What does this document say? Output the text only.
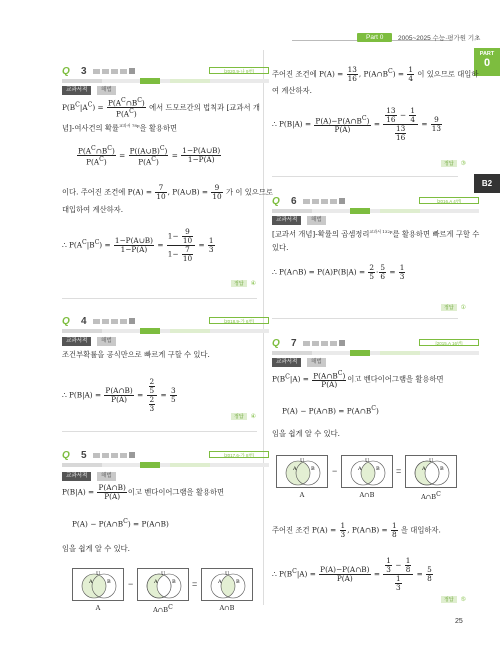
Part 0	2005~2025 수능·평가원 기초
PART
0
B2
Q 3	[2020.9-나 9번]
교과서적	해법
$P(B^C|A^C) = \frac{P(A^C\cap B^C)}{P(A^C)}$ 에서 드모르간의 법칙과 [교과서 개
념]-여사건의 확률$^{교과서 78p}$을 활용하면
$\frac{P(A^C\cap B^C)}{P(A^C)} = \frac{P((A\cup B)^C)}{P(A^C)} = \frac{1-P(A\cup B)}{1-P(A)}$
이다. 주어진 조건에 $P(A) = \frac{7}{10}$ , P(A∪B) = $\frac{9}{10}$ 가 이 있으므로
대입하여 계산하자.
∴ $P(A^C|B^C) = \frac{1-P(A\cup B)}{1-P(A)} = \frac{1- \frac{9}{10}}{1- \frac{7}{10}} = \frac{1}{3}$
정답 ④
Q 4	[2018.9-가 6번]
교과서적	해법
조건부확률을 공식만으로 빠르게 구할 수 있다.
∴ $P(B|A) = \frac{P(A\cap B)}{P(A)} = \frac{\frac{2}{5}}{\frac{2}{3}} = \frac{3}{5}$
정답 ④
Q 5	[2017.6-가 8번]
교과서적	해법
$P(B|A) = \frac{P(A\cap B)}{P(A)}$ 이고 벤다이어그램을 활용하면
$P(A) - P(A\cap B^C)$ = P(A∩B)
임을 쉽게 알 수 있다.
U
A	B −
U
A	B =
U
A	B
A	$A\cap B^C$	A∩B
주어진 조건에 $P(A) = \frac{13}{16}$ , $P(A\cap B^C) = \frac{1}{4}$ 이 있으므로 대입하
여 계산하자.
∴ $P(B|A) = \frac{P(A)-P(A\cap B^C)}{P(A)} = \frac{\frac{13}{16} - \frac{1}{4}}{\frac{13}{16}} = \frac{9}{13}$
정답 ③
Q 6	[2016.A 4번]
교과서적	해법
[교과서 개념]-확률의 곱셈정리$^{교과서 132p}$를 활용하면 빠르게 구할 수
있다.
∴ P(A∩B) = $P(A)P(B|A) = \frac{2}{5} \cdot \frac{5}{6} = \frac{1}{3}$
정답 ①
Q 7	[2015.A 16번]
교과서적	해법
$P(B^C|A) = \frac{P(A\cap B^C)}{P(A)}$ 이고 벤다이어그램을 활용하면
P(A) − P(A∩B) = $P(A\cap B^C)$
임을 쉽게 알 수 있다.
U
A	B −
U
A	B =
U
A	B
A	A∩B	$A\cap B^C$
주어진 조건 $P(A) = \frac{1}{3}$ , P(A∩B) = $\frac{1}{8}$ 을 대입하자.
∴ $P(B^C|A) = \frac{P(A)-P(A\cap B)}{P(A)} = \frac{\frac{1}{3} - \frac{1}{8}}{\frac{1}{3}} = \frac{5}{8}$
정답 ⑤
25
